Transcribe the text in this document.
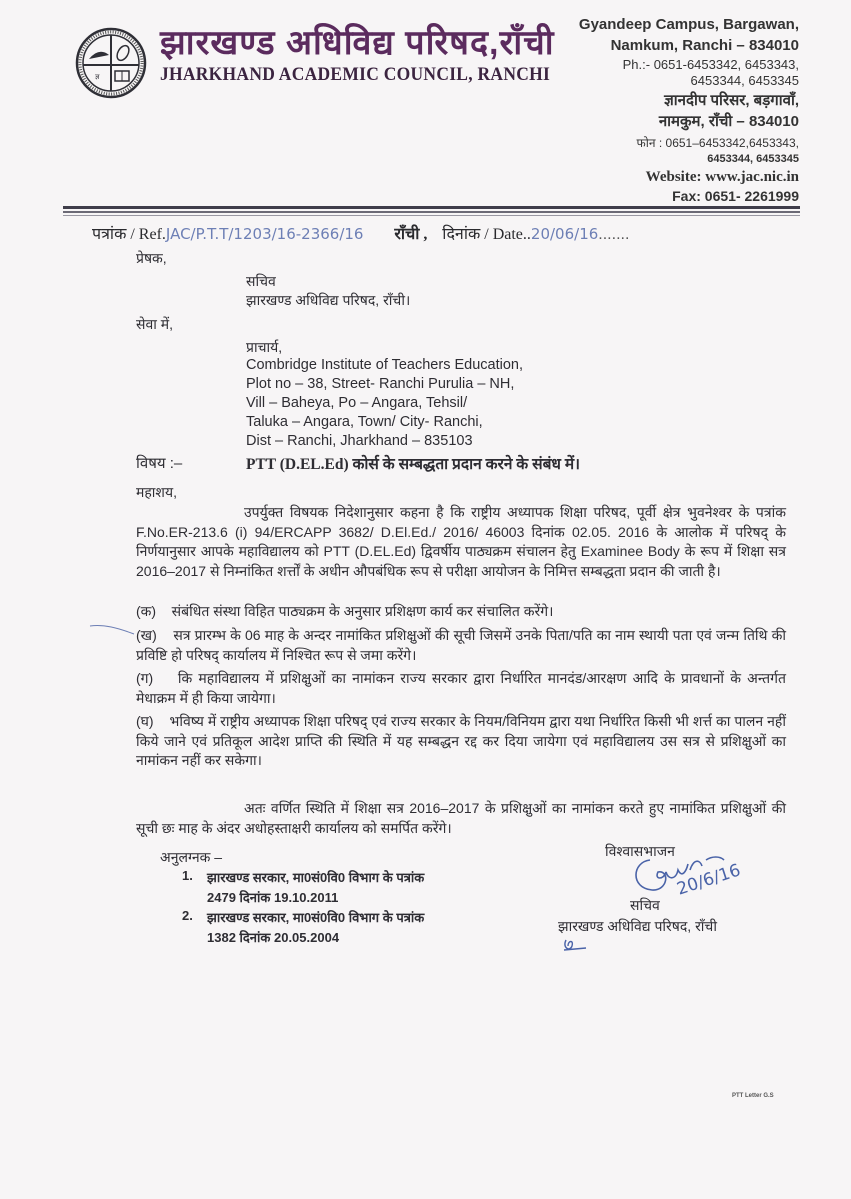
ज्ञ
झारखण्ड अधिविद्य परिषद,राँची
JHARKHAND ACADEMIC COUNCIL, RANCHI
Gyandeep Campus, Bargawan,
Namkum, Ranchi – 834010
Ph.:- 0651-6453342, 6453343,
6453344, 6453345
ज्ञानदीप परिसर, बड़गावाँ,
नामकुम, राँची – 834010
फोन : 0651–6453342,6453343,
6453344, 6453345
Website: www.jac.nic.in
Fax: 0651- 2261999
पत्रांक / Ref.JAC/P.T.T/1203/16-2366/16 राँची , दिनांक / Date..20/06/16.......
प्रेषक,
सचिव
झारखण्ड अधिविद्य परिषद, राँची।
सेवा में,
प्राचार्य,
Combridge Institute of Teachers Education,
Plot no – 38, Street- Ranchi Purulia – NH,
Vill – Baheya, Po – Angara, Tehsil/
Taluka – Angara, Town/ City- Ranchi,
Dist – Ranchi, Jharkhand – 835103
विषय :–	PTT (D.EL.Ed) कोर्स के सम्बद्धता प्रदान करने के संबंध में।
महाशय,
उपर्युक्त विषयक निदेशानुसार कहना है कि राष्ट्रीय अध्यापक शिक्षा परिषद, पूर्वी क्षेत्र भुवनेश्वर के पत्रांक F.No.ER-213.6 (i) 94/ERCAPP 3682/ D.El.Ed./ 2016/ 46003 दिनांक 02.05. 2016 के आलोक में परिषद् के निर्णयानुसार आपके महाविद्यालय को PTT (D.EL.Ed) द्विवर्षीय पाठ्यक्रम संचालन हेतु Examinee Body के रूप में शिक्षा सत्र 2016–2017 से निम्नांकित शर्त्तों के अधीन औपबंधिक रूप से परीक्षा आयोजन के निमित्त सम्बद्धता प्रदान की जाती है।
(क) संबंधित संस्था विहित पाठ्यक्रम के अनुसार प्रशिक्षण कार्य कर संचालित करेंगे।
(ख) सत्र प्रारम्भ के 06 माह के अन्दर नामांकित प्रशिक्षुओं की सूची जिसमें उनके पिता/पति का नाम स्थायी पता एवं जन्म तिथि की प्रविष्टि हो परिषद् कार्यालय में निश्चित रूप से जमा करेंगे।
(ग) कि महाविद्यालय में प्रशिक्षुओं का नामांकन राज्य सरकार द्वारा निर्धारित मानदंड/आरक्षण आदि के प्रावधानों के अन्तर्गत मेधाक्रम में ही किया जायेगा।
(घ) भविष्य में राष्ट्रीय अध्यापक शिक्षा परिषद् एवं राज्य सरकार के नियम/विनियम द्वारा यथा निर्धारित किसी भी शर्त्त का पालन नहीं किये जाने एवं प्रतिकूल आदेश प्राप्ति की स्थिति में यह सम्बद्धन रद्द कर दिया जायेगा एवं महाविद्यालय उस सत्र से प्रशिक्षुओं का नामांकन नहीं कर सकेगा।
अतः वर्णित स्थिति में शिक्षा सत्र 2016–2017 के प्रशिक्षुओं का नामांकन करते हुए नामांकित प्रशिक्षुओं की सूची छः माह के अंदर अधोहस्ताक्षरी कार्यालय को समर्पित करेंगे।
अनुलग्नक –
1. झारखण्ड सरकार, मा0सं0वि0 विभाग के पत्रांक
2479 दिनांक 19.10.2011
2. झारखण्ड सरकार, मा0सं0वि0 विभाग के पत्रांक
1382 दिनांक 20.05.2004
विश्वासभाजन
20/6/16
सचिव
झारखण्ड अधिविद्य परिषद, राँची
PTT Letter G.S
